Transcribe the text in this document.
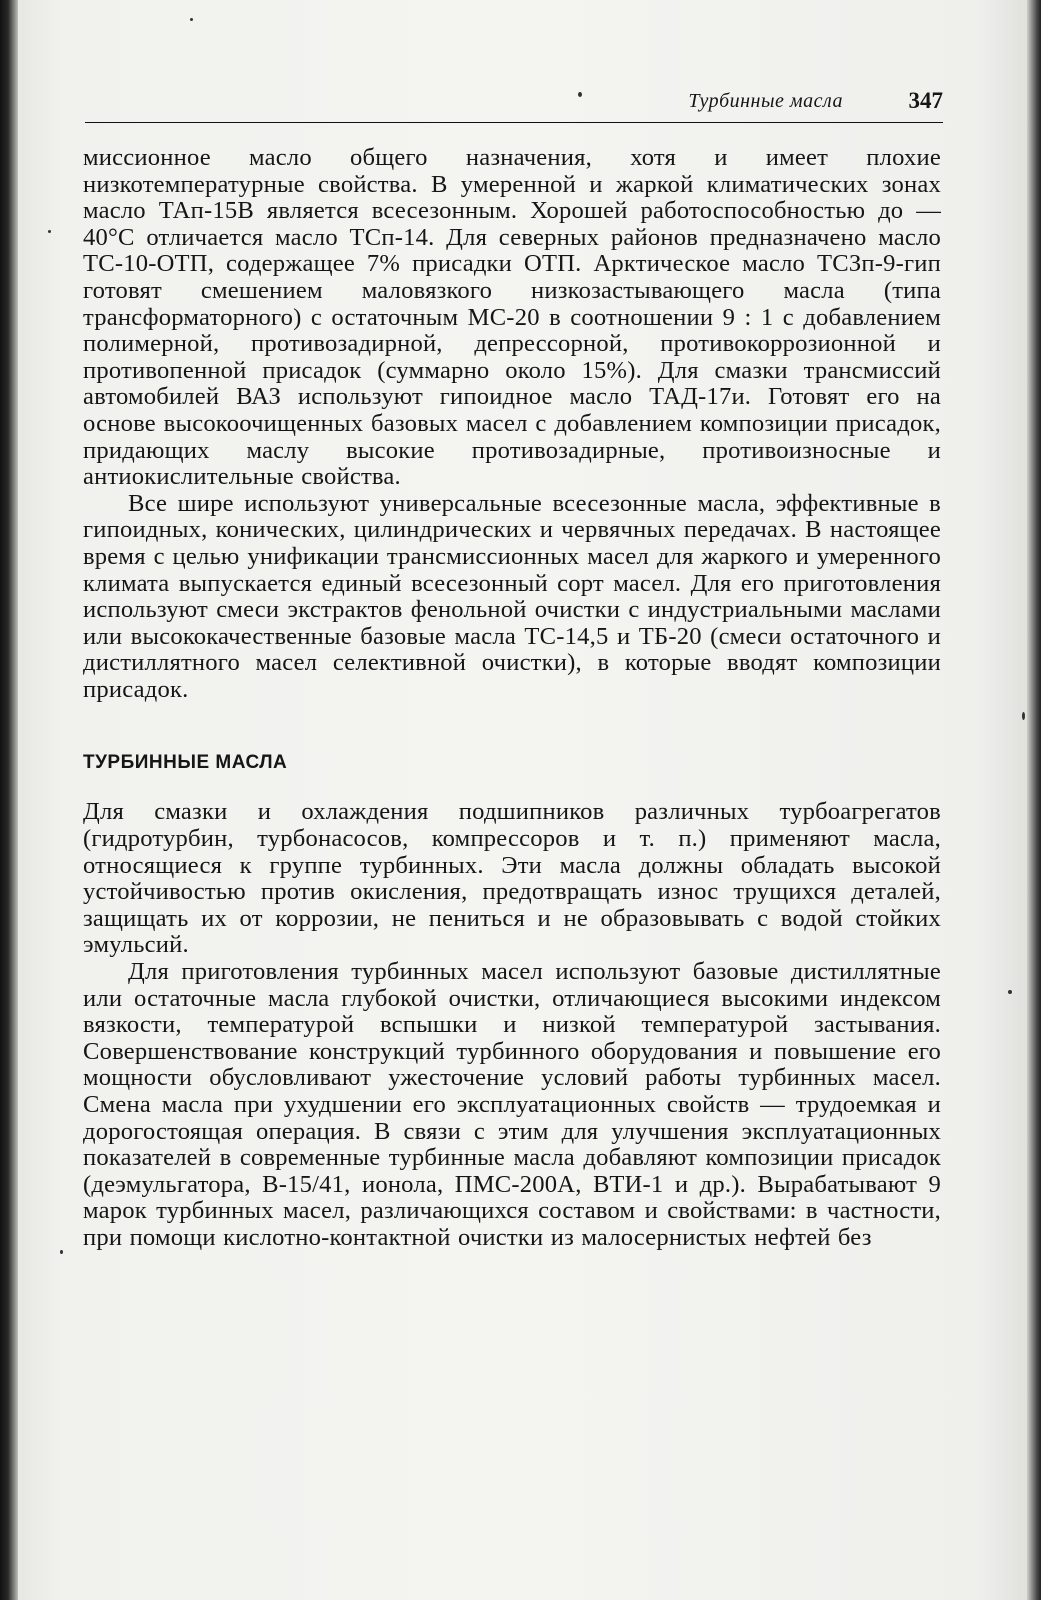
Турбинные масла	347

миссионное масло общего назначения, хотя и имеет плохие низкотемпературные свойства. В умеренной и жаркой климатических зонах масло ТАп-15В является всесезонным. Хорошей работоспособностью до —40°С отличается масло ТСп-14. Для северных районов предназначено масло ТС-10-ОТП, содержащее 7% присадки ОТП. Арктическое масло ТСЗп-9-гип готовят смешением маловязкого низкозастывающего масла (типа трансформаторного) с остаточным МС-20 в соотношении 9 : 1 с добавлением полимерной, противозадирной, депрессорной, противокоррозионной и противопенной присадок (суммарно около 15%). Для смазки трансмиссий автомобилей ВАЗ используют гипоидное масло ТАД-17и. Готовят его на основе высокоочищенных базовых масел с добавлением композиции присадок, придающих маслу высокие противозадирные, противоизносные и антиокислительные свойства.

Все шире используют универсальные всесезонные масла, эффективные в гипоидных, конических, цилиндрических и червячных передачах. В настоящее время с целью унификации трансмиссионных масел для жаркого и умеренного климата выпускается единый всесезонный сорт масел. Для его приготовления используют смеси экстрактов фенольной очистки с индустриальными маслами или высококачественные базовые масла ТС-14,5 и ТБ-20 (смеси остаточного и дистиллятного масел селективной очистки), в которые вводят композиции присадок.

ТУРБИННЫЕ МАСЛА

Для смазки и охлаждения подшипников различных турбоагрегатов (гидротурбин, турбонасосов, компрессоров и т. п.) применяют масла, относящиеся к группе турбинных. Эти масла должны обладать высокой устойчивостью против окисления, предотвращать износ трущихся деталей, защищать их от коррозии, не пениться и не образовывать с водой стойких эмульсий.

Для приготовления турбинных масел используют базовые дистиллятные или остаточные масла глубокой очистки, отличающиеся высокими индексом вязкости, температурой вспышки и низкой температурой застывания. Совершенствование конструкций турбинного оборудования и повышение его мощности обусловливают ужесточение условий работы турбинных масел. Смена масла при ухудшении его эксплуатационных свойств — трудоемкая и дорогостоящая операция. В связи с этим для улучшения эксплуатационных показателей в современные турбинные масла добавляют композиции присадок (деэмульгатора, В-15/41, ионола, ПМС-200А, ВТИ-1 и др.). Вырабатывают 9 марок турбинных масел, различающихся составом и свойствами: в частности, при помощи кислотно-контактной очистки из малосернистых нефтей без
